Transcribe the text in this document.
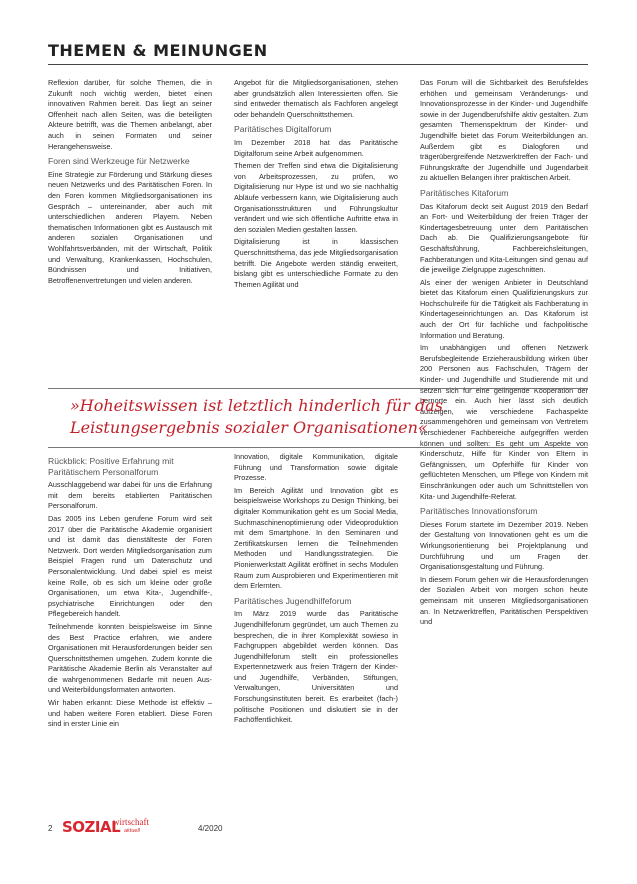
THEMEN & MEINUNGEN

Reflexion darüber, für solche Themen, die in Zukunft noch wichtig werden, bietet einen innovativen Rahmen bereit. Das liegt an seiner Offenheit nach allen Seiten, was die beteiligten Akteure betrifft, was die Themen anbelangt, aber auch in seinen Formaten und seiner Herangehensweise.

Foren sind Werkzeuge für Netzwerke

Eine Strategie zur Förderung und Stärkung dieses neuen Netzwerks und des Paritätischen Foren. In den Foren kommen Mitgliedsorganisationen ins Gespräch – untereinander, aber auch mit unterschiedlichen anderen Playern. Neben thematischen Informationen gibt es Austausch mit anderen sozialen Organisationen und Wohlfahrtsverbänden, mit der Wirtschaft, Politik und Verwaltung, Krankenkassen, Hochschulen, Bündnissen und Initiativen, Betroffenenvertretungen und vielen anderen.

Angebot für die Mitgliedsorganisationen, stehen aber grundsätzlich allen Interessierten offen. Sie sind entweder thematisch als Fachforen angelegt oder behandeln Querschnittsthemen.

Paritätisches Digitalforum

Im Dezember 2018 hat das Paritätische Digitalforum seine Arbeit aufgenommen.

Themen der Treffen sind etwa die Digitalisierung von Arbeitsprozessen, zu prüfen, wo Digitalisierung nur Hype ist und wo sie nachhaltig Abläufe verbessern kann, wie Digitalisierung auch Organisationsstrukturen und Führungskultur verändert und wie sich öffentliche Auftritte etwa in den sozialen Medien gestalten lassen.

Digitalisierung ist in klassischen Querschnittsthema, das jede Mitgliedsorganisation betrifft. Die Angebote werden ständig erweitert, bislang gibt es unterschiedliche Formate zu den Themen Agilität und

Das Forum will die Sichtbarkeit des Berufsfeldes erhöhen und gemeinsam Veränderungs- und Innovationsprozesse in der Kinder- und Jugendhilfe sowie in der Jugendberufshilfe aktiv gestalten. Zum gesamten Themenspektrum der Kinder- und Jugendhilfe bietet das Forum Weiterbildungen an. Außerdem gibt es Dialogforen und trägerübergreifende Netzwerktreffen der Fach- und Führungskräfte der Jugendhilfe und Jugendarbeit zu aktuellen Belangen ihrer praktischen Arbeit.

Paritätisches Kitaforum

Das Kitaforum deckt seit August 2019 den Bedarf an Fort- und Weiterbildung der freien Träger der Kindertagesbetreuung unter dem Paritätischen Dach ab. Die Qualifizierungsangebote für Geschäftsführung, Fachbereichsleitungen, Fachberatungen und Kita-Leitungen sind genau auf die jeweilige Zielgruppe zugeschnitten.

Als einer der wenigen Anbieter in Deutschland bietet das Kitaforum einen Qualifizierungskurs zur Hochschulreife für die Tätigkeit als Fachberatung in Kindertageseinrichtungen an. Das Kitaforum ist auch der Ort für fachliche und fachpolitische Information und Beratung.

Im unabhängigen und offenen Netzwerk Berufsbegleitende Erzieherausbildung wirken über 200 Personen aus Fachschulen, Trägern der Kinder- und Jugendhilfe und Studierende mit und setzen sich für eine gelingende Kooperation der Lernorte ein. Auch hier lässt sich deutlich aufzeigen, wie verschiedene Fachaspekte zusammengehören und gemeinsam von Vertretern verschiedener Fachbereiche aufgegriffen werden können und sollten: Es geht um Aspekte von Kinderschutz, Hilfe für Kinder von Eltern in Gefängnissen, um Opferhilfe für Kinder von geflüchteten Menschen, um Pflege von Kindern mit Einschränkungen oder auch um Schnittstellen von Kita- und Jugendhilfe-Referat.

Paritätisches Innovationsforum

Dieses Forum startete im Dezember 2019. Neben der Gestaltung von Innovationen geht es um die Wirkungsorientierung bei Projektplanung und Durchführung und um Fragen der Organisationsgestaltung und Führung.

In diesem Forum gehen wir die Herausforderungen der Sozialen Arbeit von morgen schon heute gemeinsam mit unseren Mitgliedsorganisationen an. In Netzwerktreffen, Paritätischen Perspektiven und

»Hoheitswissen ist letztlich hinderlich für das Leistungsergebnis sozialer Organisationen«
Rückblick: Positive Erfahrung mit Paritätischem Personalforum

Ausschlaggebend war dabei für uns die Erfahrung mit dem bereits etablierten Paritätischen Personalforum.

Das 2005 ins Leben gerufene Forum wird seit 2017 über die Paritätische Akademie organisiert und ist damit das dienstälteste der Foren Netzwerk. Dort werden Mitgliedsorganisation zum Beispiel Fragen rund um Datenschutz und Personalentwicklung. Und dabei spiel es meist keine Rolle, ob es sich um kleine oder große Organisationen, um etwa Kita-, Jugendhilfe-, psychiatrische Einrichtungen oder den Pflegebereich handelt.

Teilnehmende konnten beispielsweise im Sinne des Best Practice erfahren, wie andere Organisationen mit Herausforderungen beider sen Querschnittsthemen umgehen. Zudem konnte die Paritätische Akademie Berlin als Veranstalter auf die wahrgenommenen Bedarfe mit neuen Aus- und Weiterbildungsformaten antworten.

Wir haben erkannt: Diese Methode ist effektiv – und haben weitere Foren etabliert. Diese Foren sind in erster Linie ein

Innovation, digitale Kommunikation, digitale Führung und Transformation sowie digitale Prozesse.

Im Bereich Agilität und Innovation gibt es beispielsweise Workshops zu Design Thinking, bei digitaler Kommunikation geht es um Social Media, Suchmaschinenoptimierung oder Videoproduktion mit dem Smartphone. In den Seminaren und Zertifikatskursen lernen die Teilnehmenden Methoden und Handlungsstrategien. Die Pionierwerkstatt Agilität eröffnet in sechs Modulen Raum zum Ausprobieren und Experimentieren mit dem Erlernten.

Paritätisches Jugendhilfeforum

Im März 2019 wurde das Paritätische Jugendhilfeforum gegründet, um auch Themen zu besprechen, die in ihrer Komplexität sowieso in Fachgruppen abgebildet werden können. Das Jugendhilfeforum stellt ein professionelles Expertennetzwerk aus freien Trägern der Kinder- und Jugendhilfe, Verbänden, Stiftungen, Verwaltungen, Universitäten und Forschungsinstituten bereit. Es erarbeitet (fach-) politische Positionen und diskutiert sie in der Fachöffentlichkeit.

2 SOZIAL
wirtschaft
aktuell	4/2020
